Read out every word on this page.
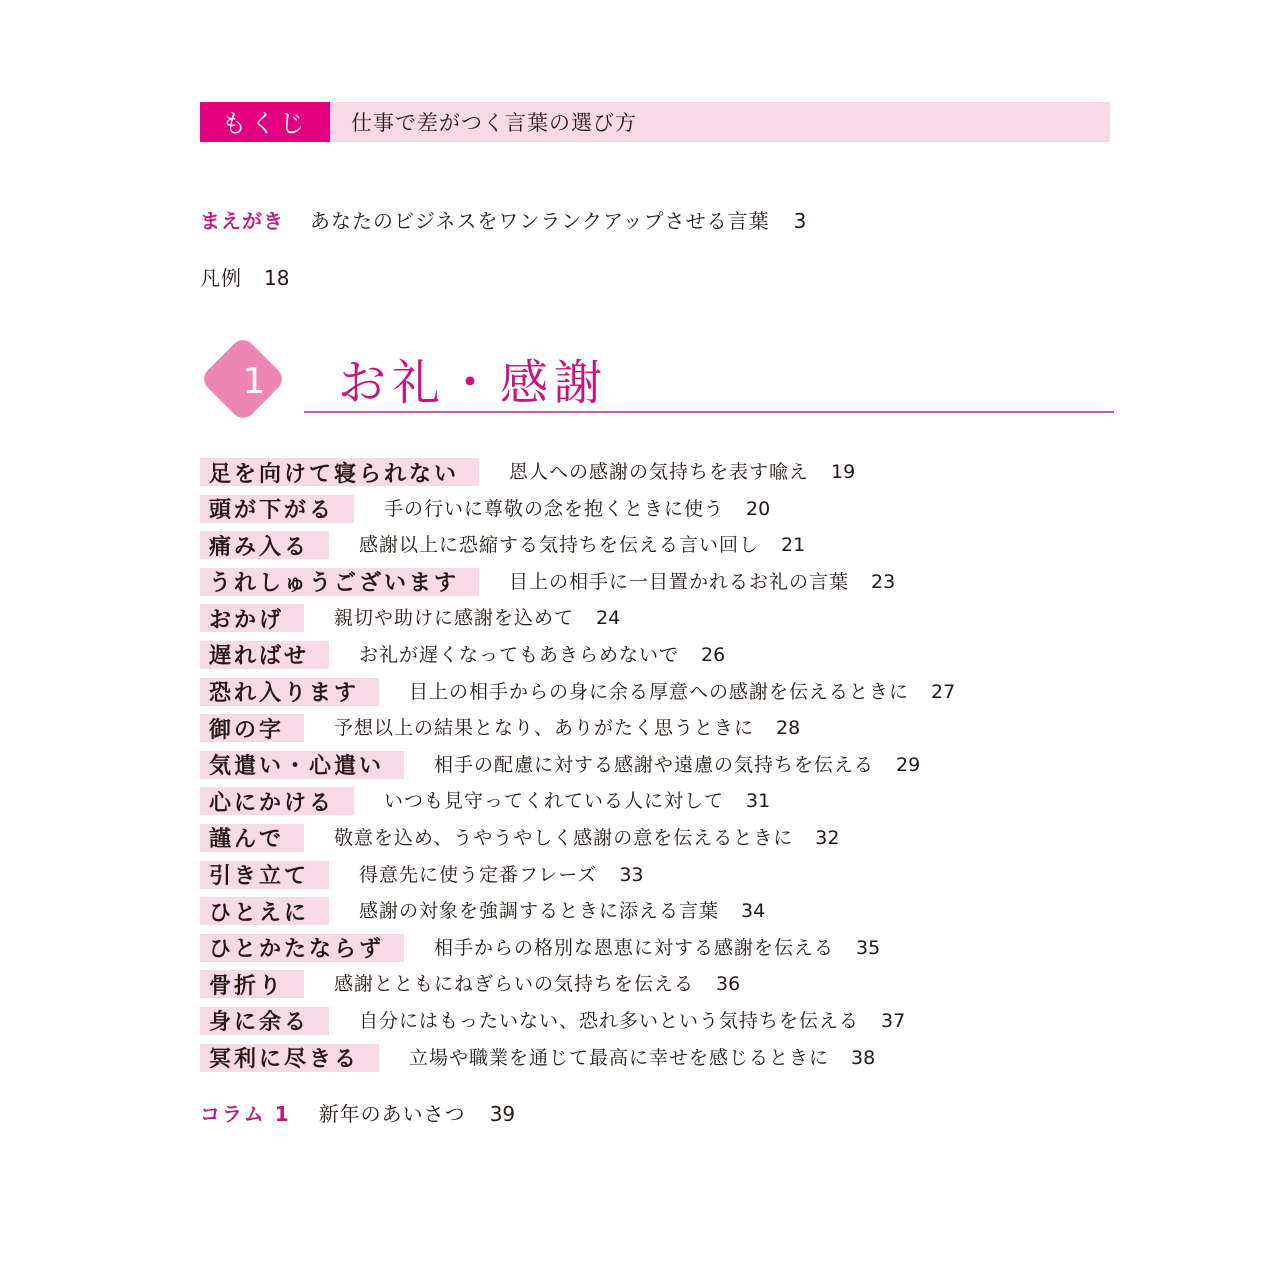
もくじ	仕事で差がつく言葉の選び方
まえがき あなたのビジネスをワンランクアップさせる言葉 3
凡例 18
1	お礼・感謝
足を向けて寝られない	恩人への感謝の気持ちを表す喩え 19
頭が下がる	手の行いに尊敬の念を抱くときに使う 20
痛み入る	感謝以上に恐縮する気持ちを伝える言い回し 21
うれしゅうございます	目上の相手に一目置かれるお礼の言葉 23
おかげ	親切や助けに感謝を込めて 24
遅ればせ	お礼が遅くなってもあきらめないで 26
恐れ入ります	目上の相手からの身に余る厚意への感謝を伝えるときに 27
御の字	予想以上の結果となり、ありがたく思うときに 28
気遣い・心遣い	相手の配慮に対する感謝や遠慮の気持ちを伝える 29
心にかける	いつも見守ってくれている人に対して 31
謹んで	敬意を込め、うやうやしく感謝の意を伝えるときに 32
引き立て	得意先に使う定番フレーズ 33
ひとえに	感謝の対象を強調するときに添える言葉 34
ひとかたならず	相手からの格別な恩恵に対する感謝を伝える 35
骨折り	感謝とともにねぎらいの気持ちを伝える 36
身に余る	自分にはもったいない、恐れ多いという気持ちを伝える 37
冥利に尽きる	立場や職業を通じて最高に幸せを感じるときに 38
コラム 1 新年のあいさつ 39
